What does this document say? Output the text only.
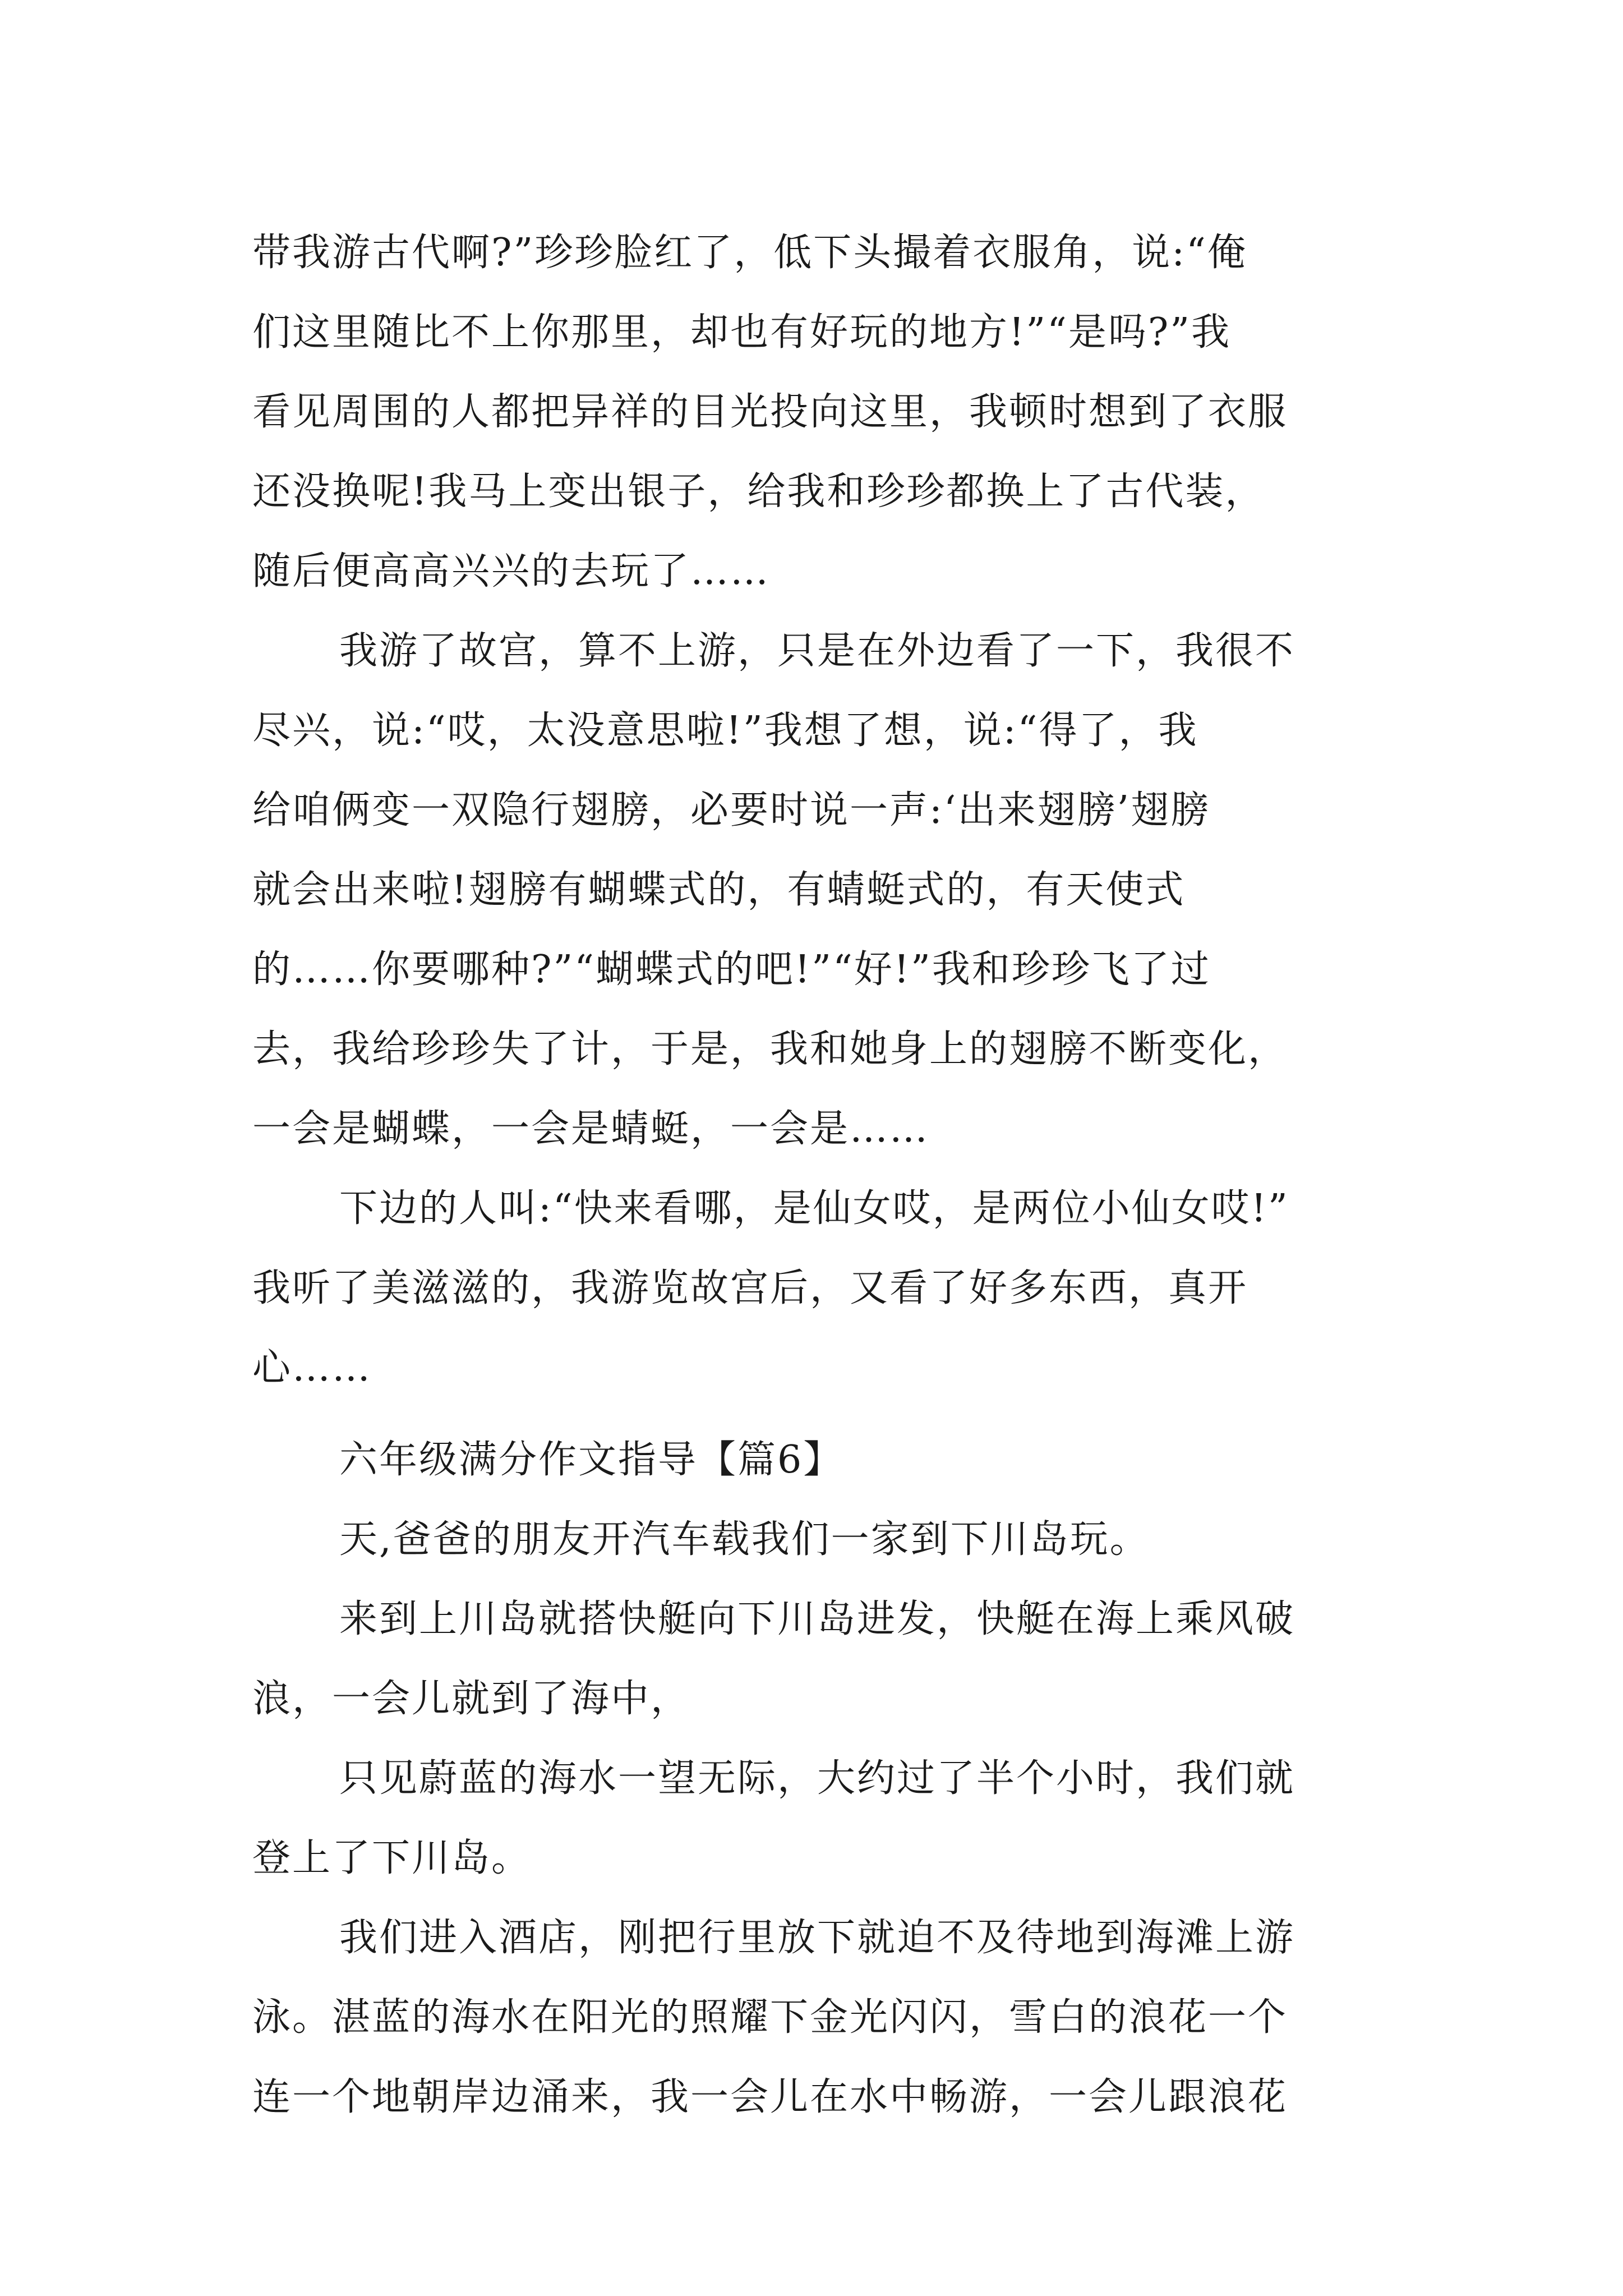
带我游古代啊?”珍珍脸红了，低下头撮着衣服角，说:“俺
们这里随比不上你那里，却也有好玩的地方!”“是吗?”我
看见周围的人都把异祥的目光投向这里，我顿时想到了衣服
还没换呢!我马上变出银子，给我和珍珍都换上了古代装，
随后便高高兴兴的去玩了……
我游了故宫，算不上游，只是在外边看了一下，我很不
尽兴，说:“哎，太没意思啦!”我想了想，说:“得了，我
给咱俩变一双隐行翅膀，必要时说一声:‘出来翅膀’翅膀
就会出来啦!翅膀有蝴蝶式的，有蜻蜓式的，有天使式
的……你要哪种?”“蝴蝶式的吧!”“好!”我和珍珍飞了过
去，我给珍珍失了计，于是，我和她身上的翅膀不断变化，
一会是蝴蝶，一会是蜻蜓，一会是……
下边的人叫:“快来看哪，是仙女哎，是两位小仙女哎!”
我听了美滋滋的，我游览故宫后，又看了好多东西，真开
心……
六年级满分作文指导【篇6】
天,爸爸的朋友开汽车载我们一家到下川岛玩。
来到上川岛就搭快艇向下川岛进发，快艇在海上乘风破
浪，一会儿就到了海中，
只见蔚蓝的海水一望无际，大约过了半个小时，我们就
登上了下川岛。
我们进入酒店，刚把行里放下就迫不及待地到海滩上游
泳。湛蓝的海水在阳光的照耀下金光闪闪，雪白的浪花一个
连一个地朝岸边涌来，我一会儿在水中畅游，一会儿跟浪花
